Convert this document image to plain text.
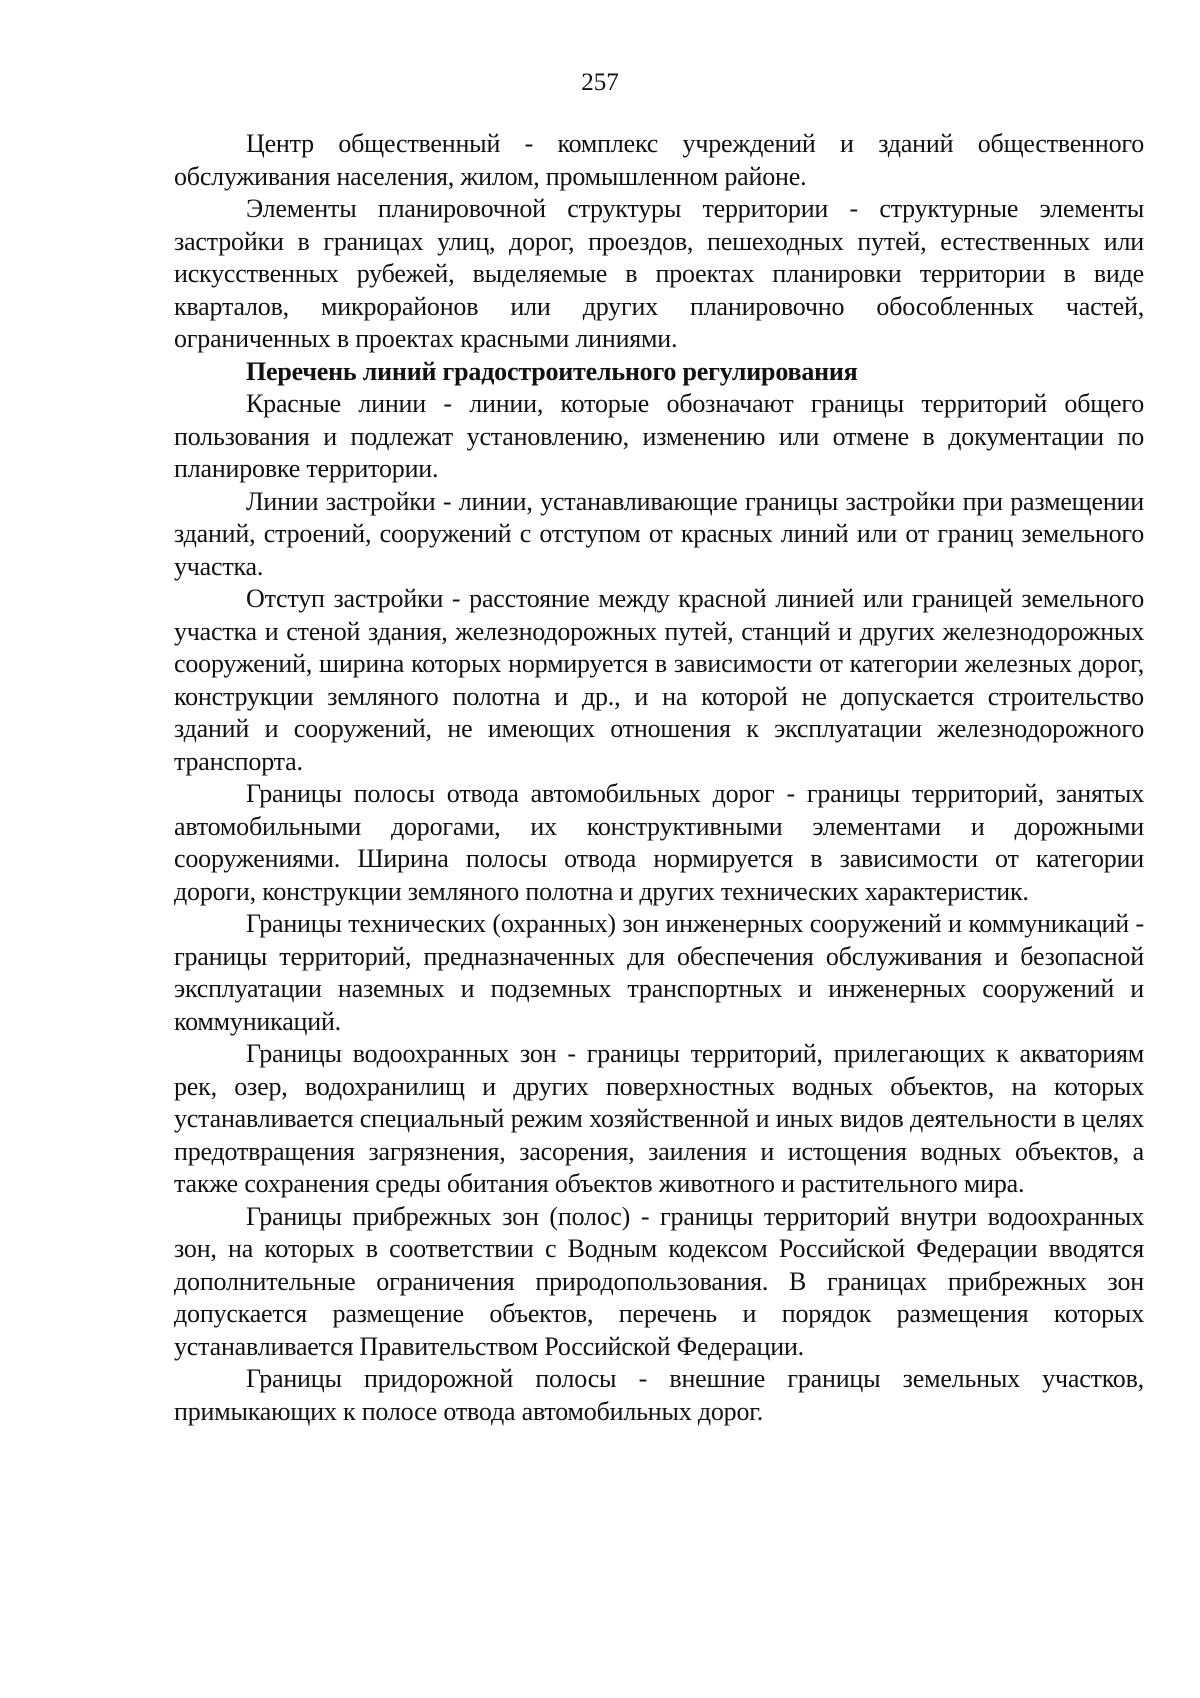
257

Центр общественный - комплекс учреждений и зданий общественного обслуживания населения, жилом, промышленном районе.

Элементы планировочной структуры территории - структурные элементы застройки в границах улиц, дорог, проездов, пешеходных путей, естественных или искусственных рубежей, выделяемые в проектах планировки территории в виде кварталов, микрорайонов или других планировочно обособленных частей, ограниченных в проектах красными линиями.

Перечень линий градостроительного регулирования

Красные линии - линии, которые обозначают границы территорий общего пользования и подлежат установлению, изменению или отмене в документации по планировке территории.

Линии застройки - линии, устанавливающие границы застройки при размещении зданий, строений, сооружений с отступом от красных линий или от границ земельного участка.

Отступ застройки - расстояние между красной линией или границей земельного участка и стеной здания, железнодорожных путей, станций и других железнодорожных сооружений, ширина которых нормируется в зависимости от категории железных дорог, конструкции земляного полотна и др., и на которой не допускается строительство зданий и сооружений, не имеющих отношения к эксплуатации железнодорожного транспорта.

Границы полосы отвода автомобильных дорог - границы территорий, занятых автомобильными дорогами, их конструктивными элементами и дорожными сооружениями. Ширина полосы отвода нормируется в зависимости от категории дороги, конструкции земляного полотна и других технических характеристик.

Границы технических (охранных) зон инженерных сооружений и коммуникаций - границы территорий, предназначенных для обеспечения обслуживания и безопасной эксплуатации наземных и подземных транспортных и инженерных сооружений и коммуникаций.

Границы водоохранных зон - границы территорий, прилегающих к акваториям рек, озер, водохранилищ и других поверхностных водных объектов, на которых устанавливается специальный режим хозяйственной и иных видов деятельности в целях предотвращения загрязнения, засорения, заиления и истощения водных объектов, а также сохранения среды обитания объектов животного и растительного мира.

Границы прибрежных зон (полос) - границы территорий внутри водоохранных зон, на которых в соответствии с Водным кодексом Российской Федерации вводятся дополнительные ограничения природопользования. В границах прибрежных зон допускается размещение объектов, перечень и порядок размещения которых устанавливается Правительством Российской Федерации.

Границы придорожной полосы - внешние границы земельных участков, примыкающих к полосе отвода автомобильных дорог.
